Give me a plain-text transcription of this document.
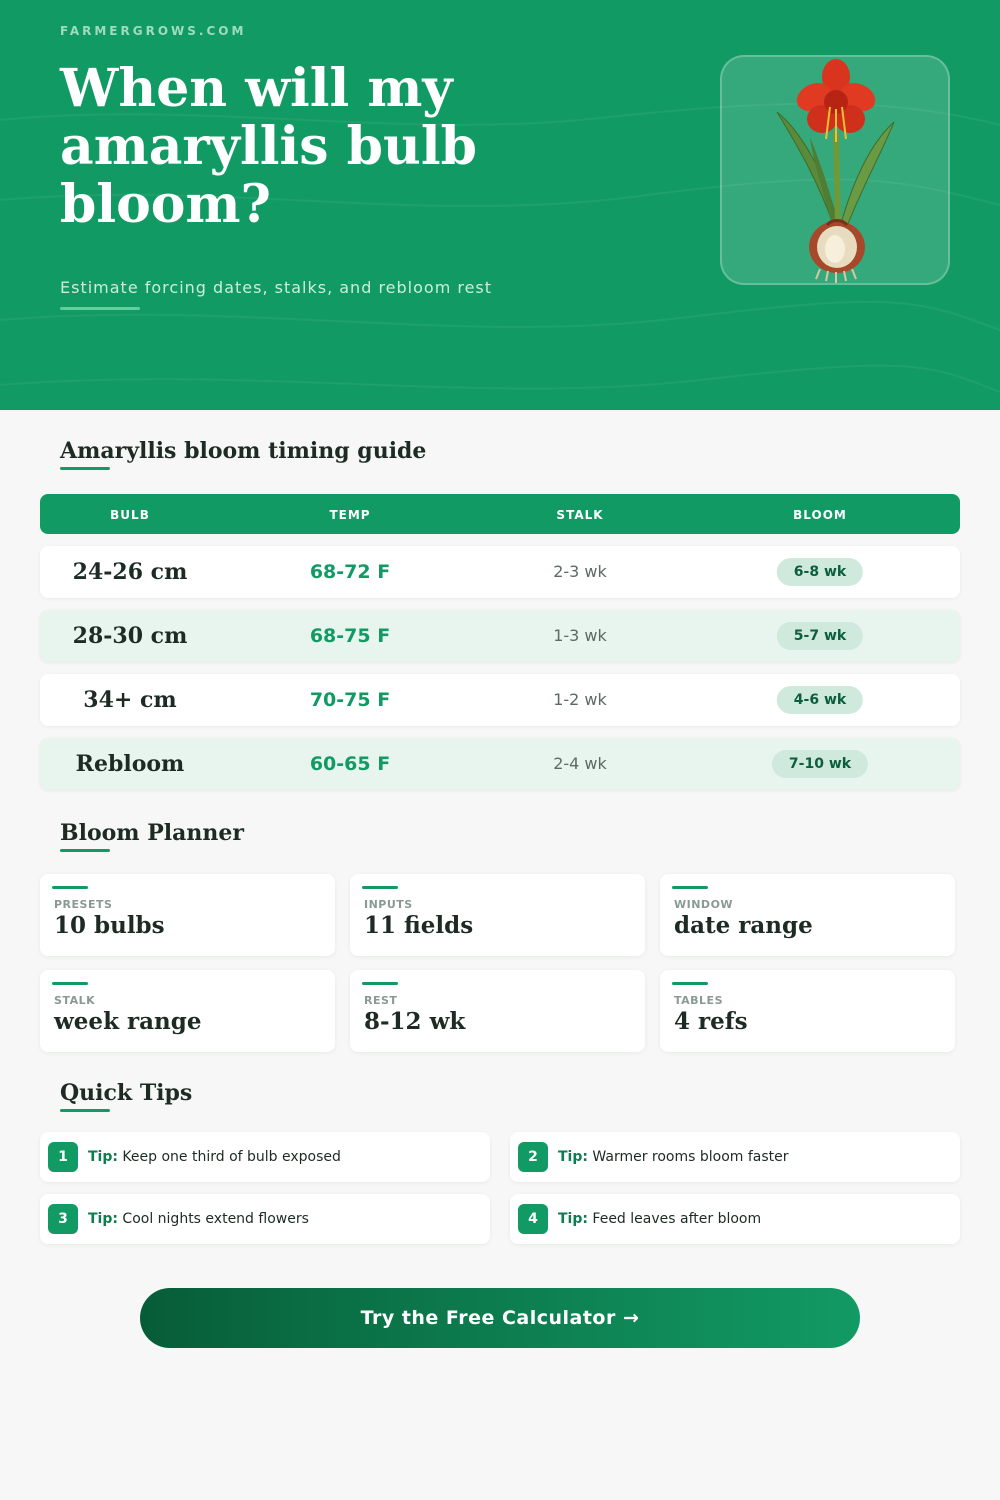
FARMERGROWS.COM
When will my amaryllis bulb bloom?
Estimate forcing dates, stalks, and rebloom rest
Amaryllis bloom timing guide
BULB	TEMP	STALK	BLOOM
24-26 cm	68-72 F	2-3 wk	6-8 wk
28-30 cm	68-75 F	1-3 wk	5-7 wk
34+ cm	70-75 F	1-2 wk	4-6 wk
Rebloom	60-65 F	2-4 wk	7-10 wk
Bloom Planner
PRESETS
10 bulbs
INPUTS
11 fields
WINDOW
date range
STALK
week range
REST
8-12 wk
TABLES
4 refs
Quick Tips
1	Tip: Keep one third of bulb exposed	2	Tip: Warmer rooms bloom faster
3	Tip: Cool nights extend flowers	4	Tip: Feed leaves after bloom
Try the Free Calculator →
